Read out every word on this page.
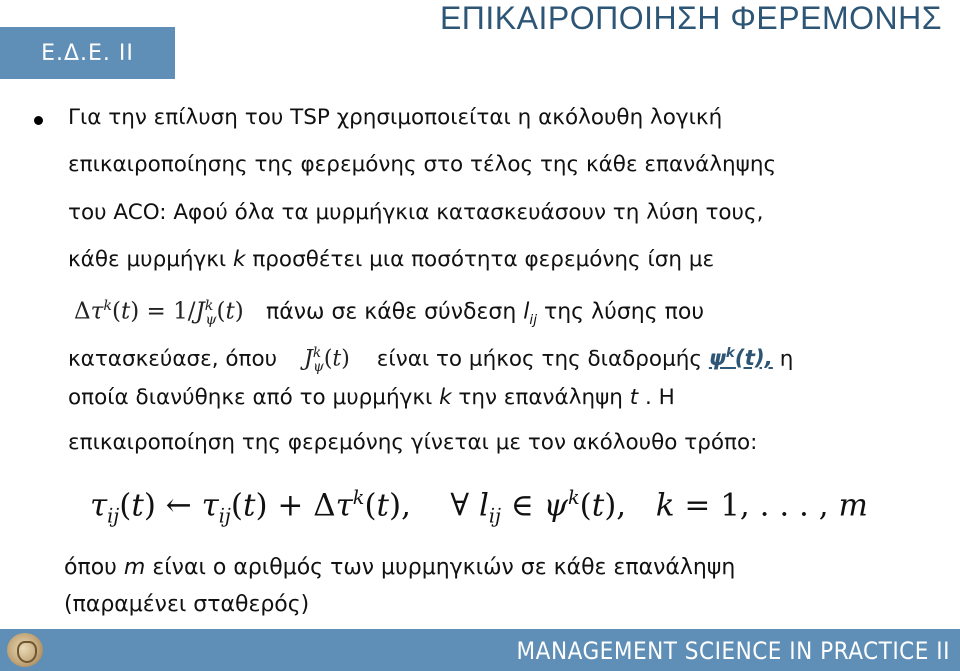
Ε.Δ.Ε. ΙΙ
ΕΠΙΚΑΙΡΟΠΟΙΗΣΗ ΦΕΡΕΜΟΝΗΣ
Για την επίλυση του TSP χρησιμοποιείται η ακόλουθη λογική
επικαιροποίησης της φερεμόνης στο τέλος της κάθε επανάληψης
του ACO: Αφού όλα τα μυρμήγκια κατασκευάσουν τη λύση τους,
κάθε μυρμήγκι k προσθέτει μια ποσότητα φερεμόνης ίση με
$\Delta\tau^k(t) = 1/J^k_\psi(t)$ πάνω σε κάθε σύνδεση $l_{ij}$ της λύσης που
κατασκεύασε, όπου $J^k_\psi(t)$ είναι το μήκος της διαδρομής $\psi^k(t)$, η
οποία διανύθηκε από το μυρμήγκι k την επανάληψη t . Η
επικαιροποίηση της φερεμόνης γίνεται με τον ακόλουθο τρόπο:
$\tau_{ij}(t)$ ← $\tau_{ij}(t) + \Delta\tau^k(t)$, ∀ $l_{ij}$ ∈ $\psi^k(t)$,   k = 1, . . . , m
όπου m είναι ο αριθμός των μυρμηγκιών σε κάθε επανάληψη
(παραμένει σταθερός)
MANAGEMENT SCIENCE IN PRACTICE II
